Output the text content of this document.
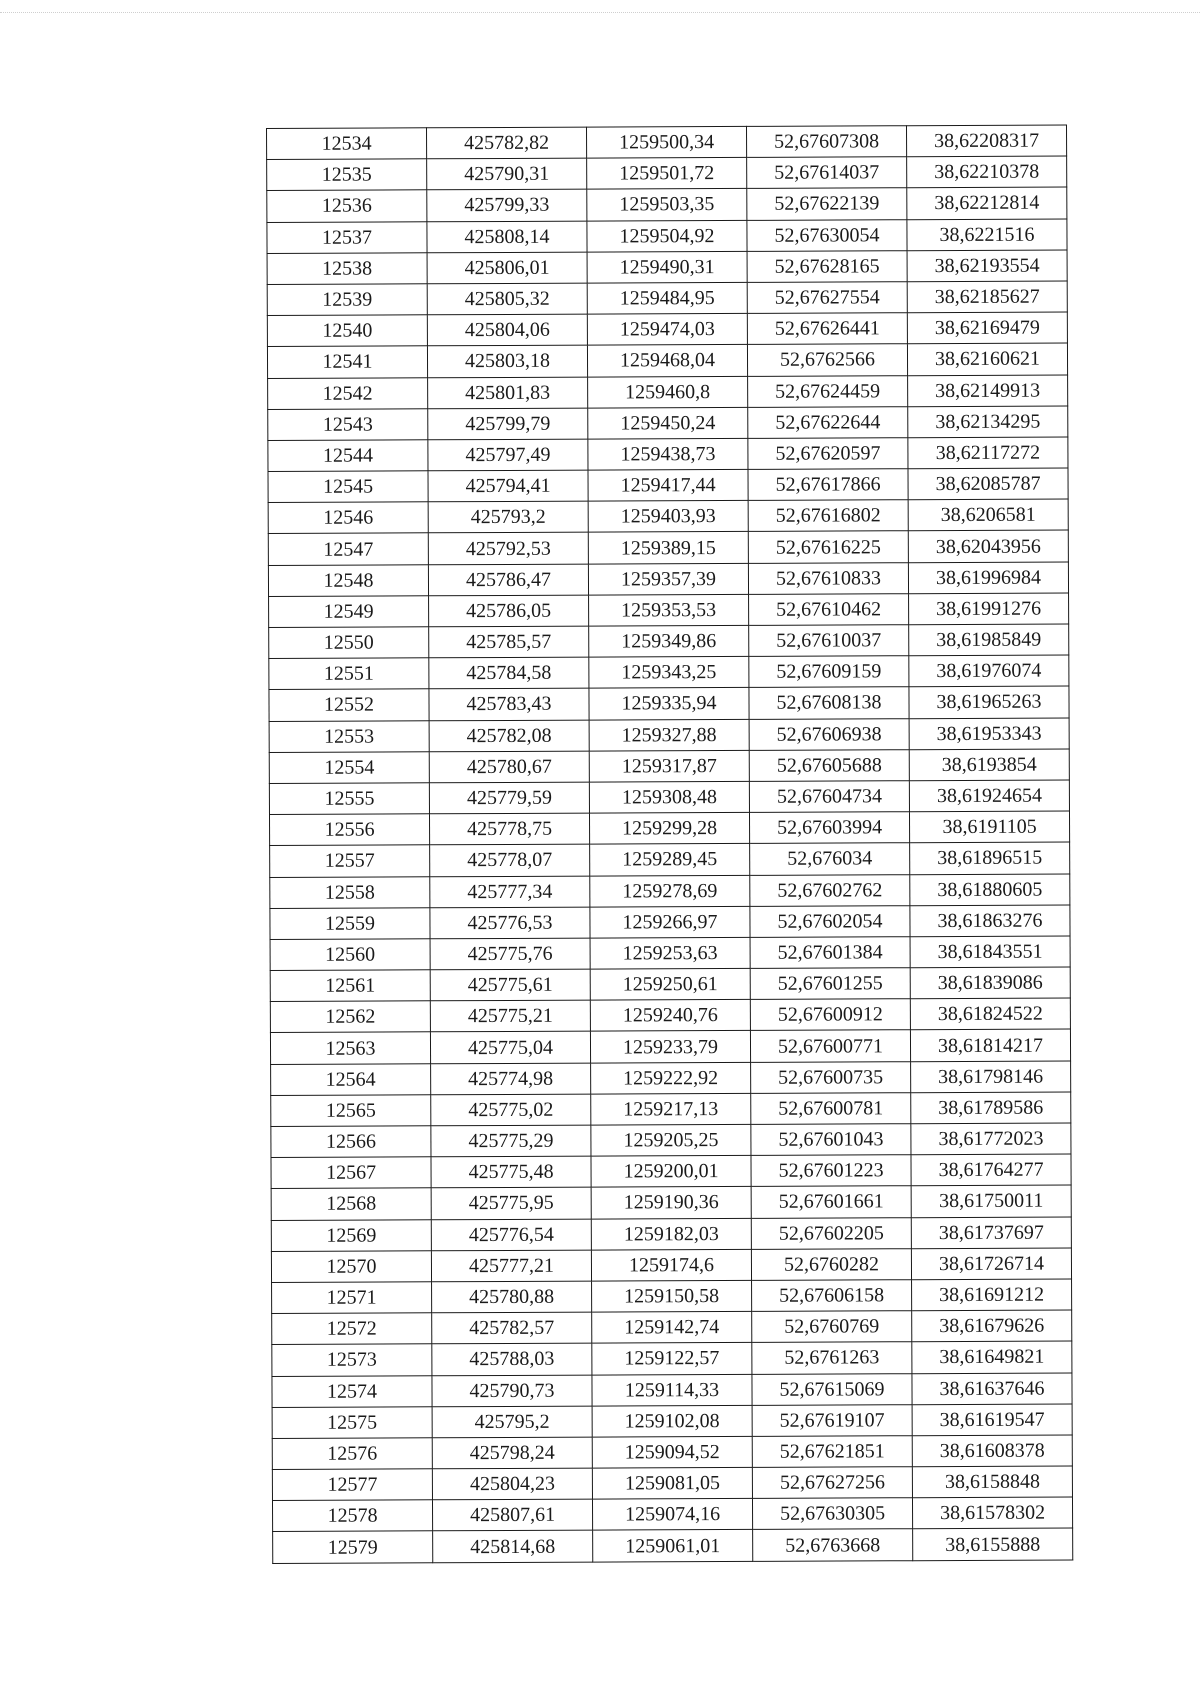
12534	425782,82	1259500,34	52,67607308	38,62208317
12535	425790,31	1259501,72	52,67614037	38,62210378
12536	425799,33	1259503,35	52,67622139	38,62212814
12537	425808,14	1259504,92	52,67630054	38,6221516
12538	425806,01	1259490,31	52,67628165	38,62193554
12539	425805,32	1259484,95	52,67627554	38,62185627
12540	425804,06	1259474,03	52,67626441	38,62169479
12541	425803,18	1259468,04	52,6762566	38,62160621
12542	425801,83	1259460,8	52,67624459	38,62149913
12543	425799,79	1259450,24	52,67622644	38,62134295
12544	425797,49	1259438,73	52,67620597	38,62117272
12545	425794,41	1259417,44	52,67617866	38,62085787
12546	425793,2	1259403,93	52,67616802	38,6206581
12547	425792,53	1259389,15	52,67616225	38,62043956
12548	425786,47	1259357,39	52,67610833	38,61996984
12549	425786,05	1259353,53	52,67610462	38,61991276
12550	425785,57	1259349,86	52,67610037	38,61985849
12551	425784,58	1259343,25	52,67609159	38,61976074
12552	425783,43	1259335,94	52,67608138	38,61965263
12553	425782,08	1259327,88	52,67606938	38,61953343
12554	425780,67	1259317,87	52,67605688	38,6193854
12555	425779,59	1259308,48	52,67604734	38,61924654
12556	425778,75	1259299,28	52,67603994	38,6191105
12557	425778,07	1259289,45	52,676034	38,61896515
12558	425777,34	1259278,69	52,67602762	38,61880605
12559	425776,53	1259266,97	52,67602054	38,61863276
12560	425775,76	1259253,63	52,67601384	38,61843551
12561	425775,61	1259250,61	52,67601255	38,61839086
12562	425775,21	1259240,76	52,67600912	38,61824522
12563	425775,04	1259233,79	52,67600771	38,61814217
12564	425774,98	1259222,92	52,67600735	38,61798146
12565	425775,02	1259217,13	52,67600781	38,61789586
12566	425775,29	1259205,25	52,67601043	38,61772023
12567	425775,48	1259200,01	52,67601223	38,61764277
12568	425775,95	1259190,36	52,67601661	38,61750011
12569	425776,54	1259182,03	52,67602205	38,61737697
12570	425777,21	1259174,6	52,6760282	38,61726714
12571	425780,88	1259150,58	52,67606158	38,61691212
12572	425782,57	1259142,74	52,6760769	38,61679626
12573	425788,03	1259122,57	52,6761263	38,61649821
12574	425790,73	1259114,33	52,67615069	38,61637646
12575	425795,2	1259102,08	52,67619107	38,61619547
12576	425798,24	1259094,52	52,67621851	38,61608378
12577	425804,23	1259081,05	52,67627256	38,6158848
12578	425807,61	1259074,16	52,67630305	38,61578302
12579	425814,68	1259061,01	52,6763668	38,6155888
